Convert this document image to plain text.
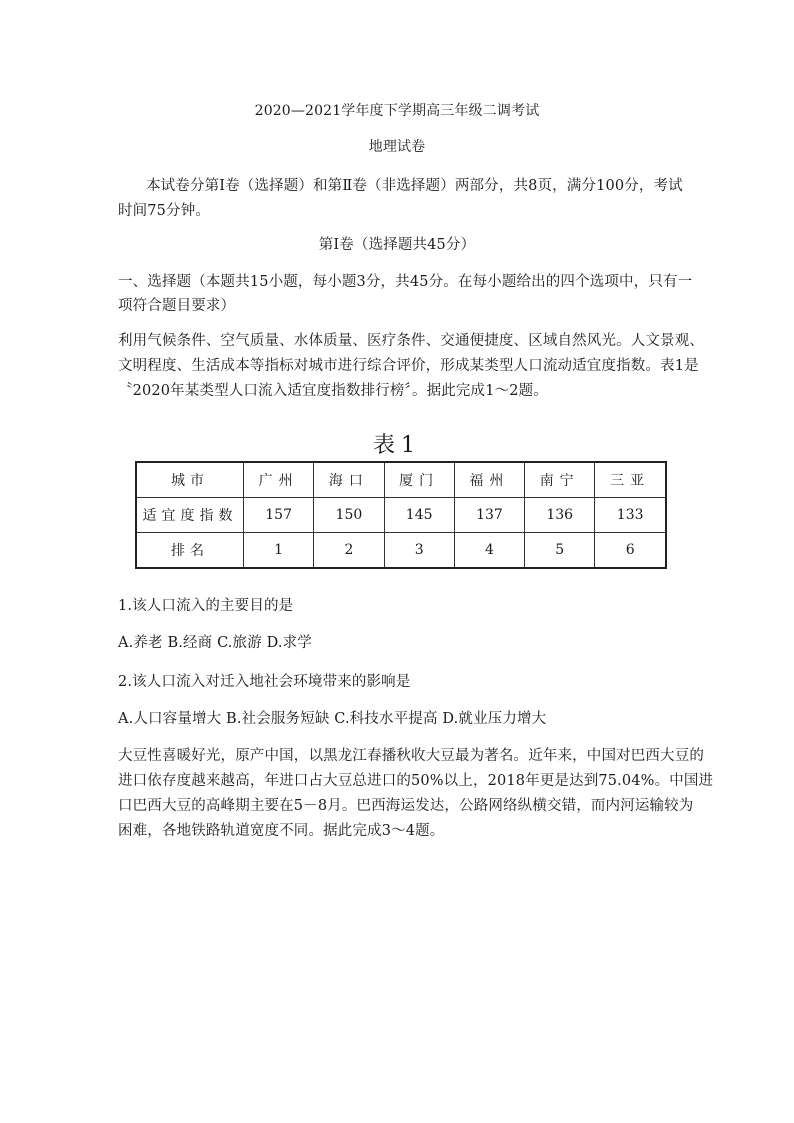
2020—2021学年度下学期高三年级二调考试
地理试卷
本试卷分第Ⅰ卷（选择题）和第Ⅱ卷（非选择题）两部分，共8页，满分100分，考试
时间75分钟。
第Ⅰ卷（选择题共45分）
一、选择题（本题共15小题，每小题3分，共45分。在每小题给出的四个选项中，只有一
项符合题目要求）
利用气候条件、空气质量、水体质量、医疗条件、交通便捷度、区域自然风光。人文景观、
文明程度、生活成本等指标对城市进行综合评价，形成某类型人口流动适宜度指数。表1是
〝2020年某类型人口流入适宜度指数排行榜〞。据此完成1～2题。
表1
城市	广州	海口	厦门	福州	南宁	三亚
适宜度指数	157	150	145	137	136	133
排名	1	2	3	4	5	6
1.该人口流入的主要目的是
A.养老 B.经商 C.旅游 D.求学
2.该人口流入对迁入地社会环境带来的影响是
A.人口容量增大 B.社会服务短缺 C.科技水平提高 D.就业压力增大
大豆性喜暖好光，原产中国，以黑龙江春播秋收大豆最为著名。近年来，中国对巴西大豆的
进口依存度越来越高，年进口占大豆总进口的50%以上，2018年更是达到75.04%。中国进
口巴西大豆的高峰期主要在5－8月。巴西海运发达，公路网络纵横交错，而内河运输较为
困难，各地铁路轨道宽度不同。据此完成3～4题。
